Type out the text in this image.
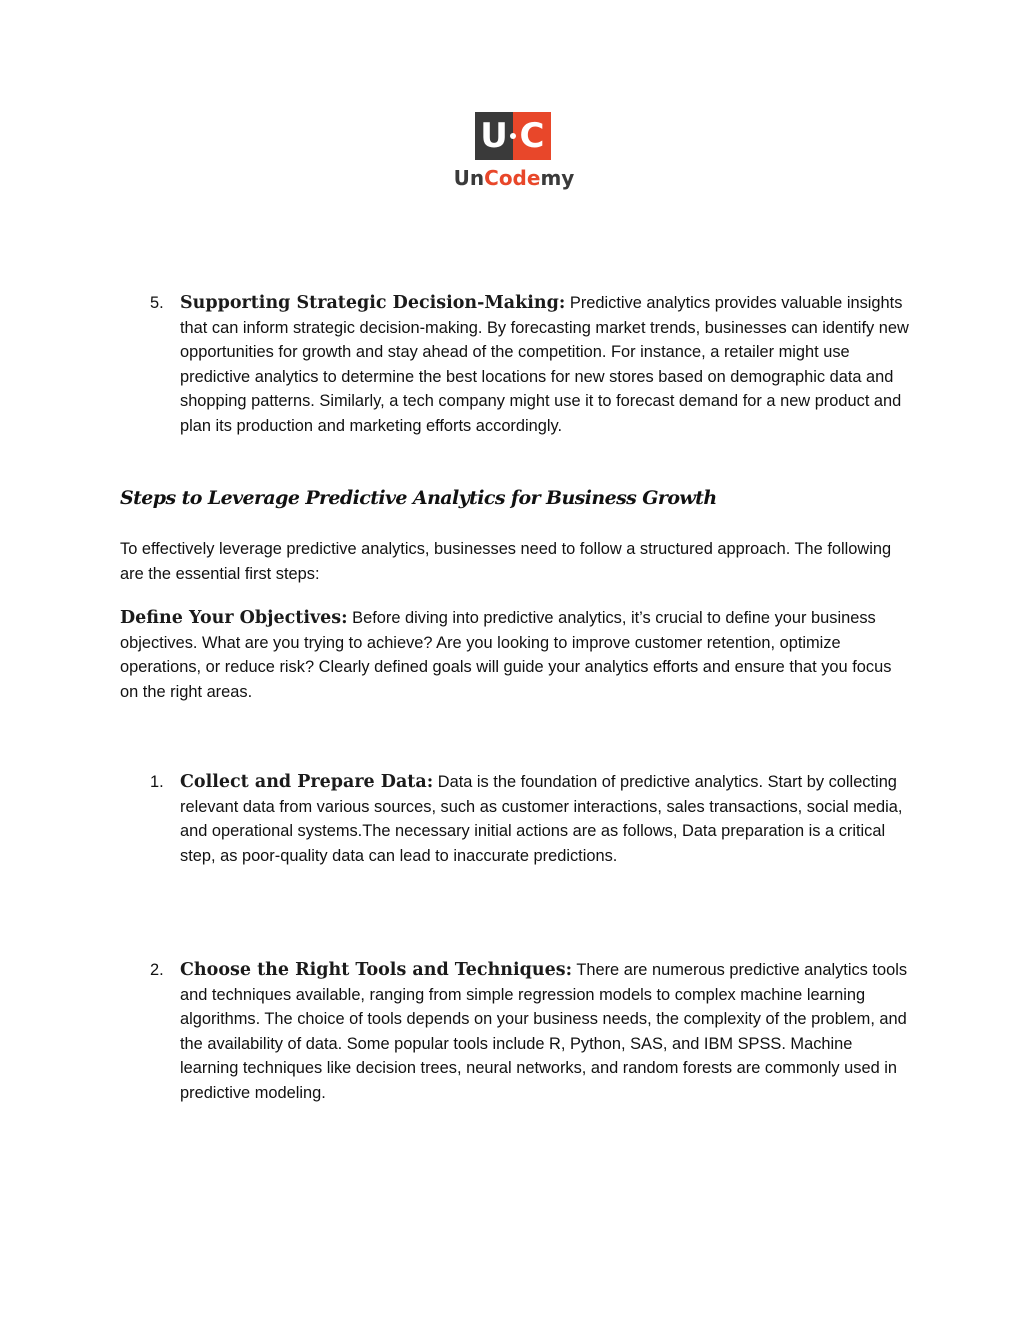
U C
UnCodemy
5. Supporting Strategic Decision-Making: Predictive analytics provides valuable insights that can inform strategic decision-making. By forecasting market trends, businesses can identify new opportunities for growth and stay ahead of the competition. For instance, a retailer might use predictive analytics to determine the best locations for new stores based on demographic data and shopping patterns. Similarly, a tech company might use it to forecast demand for a new product and plan its production and marketing efforts accordingly.
Steps to Leverage Predictive Analytics for Business Growth
To effectively leverage predictive analytics, businesses need to follow a structured approach. The following are the essential first steps:
Define Your Objectives: Before diving into predictive analytics, it’s crucial to define your business objectives. What are you trying to achieve? Are you looking to improve customer retention, optimize operations, or reduce risk? Clearly defined goals will guide your analytics efforts and ensure that you focus on the right areas.
1. Collect and Prepare Data: Data is the foundation of predictive analytics. Start by collecting relevant data from various sources, such as customer interactions, sales transactions, social media, and operational systems.The necessary initial actions are as follows, Data preparation is a critical step, as poor-quality data can lead to inaccurate predictions.
2. Choose the Right Tools and Techniques: There are numerous predictive analytics tools and techniques available, ranging from simple regression models to complex machine learning algorithms. The choice of tools depends on your business needs, the complexity of the problem, and the availability of data. Some popular tools include R, Python, SAS, and IBM SPSS. Machine learning techniques like decision trees, neural networks, and random forests are commonly used in predictive modeling.
